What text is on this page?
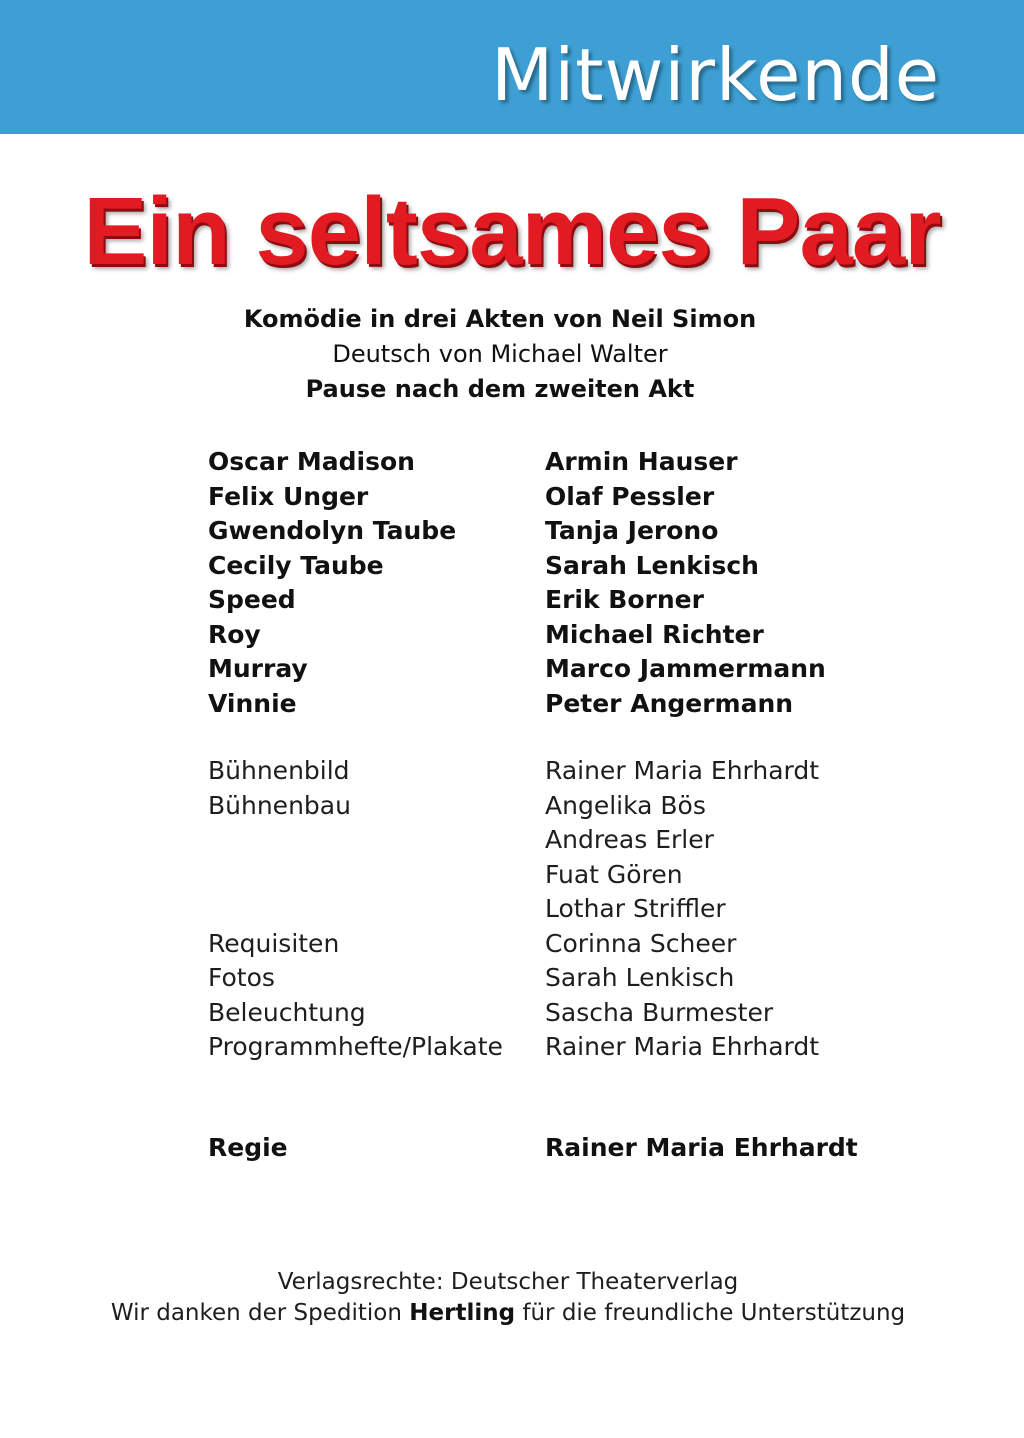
Mitwirkende
Ein seltsames Paar
Komödie in drei Akten von Neil Simon
Deutsch von Michael Walter
Pause nach dem zweiten Akt
Oscar Madison	Armin Hauser
Felix Unger	Olaf Pessler
Gwendolyn Taube	Tanja Jerono
Cecily Taube	Sarah Lenkisch
Speed	Erik Borner
Roy	Michael Richter
Murray	Marco Jammermann
Vinnie	Peter Angermann
Bühnenbild	Rainer Maria Ehrhardt
Bühnenbau	Angelika Bös
Andreas Erler
Fuat Gören
Lothar Striffler
Requisiten	Corinna Scheer
Fotos	Sarah Lenkisch
Beleuchtung	Sascha Burmester
Programmhefte/Plakate Rainer Maria Ehrhardt
Regie	Rainer Maria Ehrhardt
Verlagsrechte: Deutscher Theaterverlag
Wir danken der Spedition Hertling für die freundliche Unterstützung
